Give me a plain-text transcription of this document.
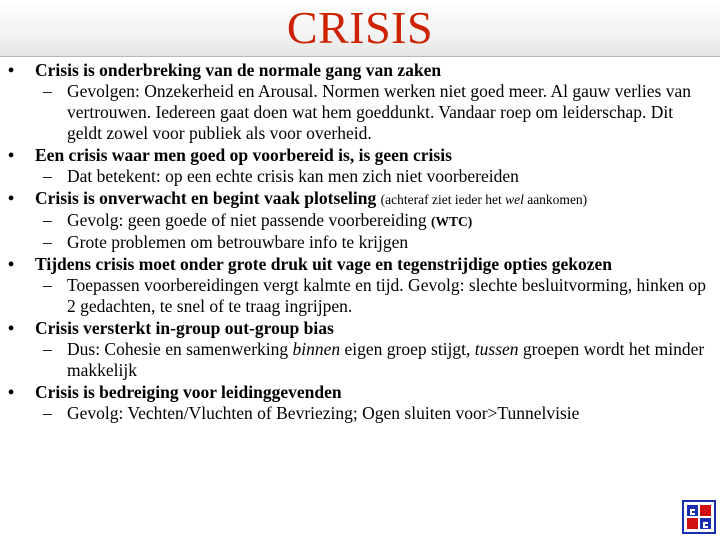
CRISIS
• Crisis is onderbreking van de normale gang van zaken
– Gevolgen: Onzekerheid en Arousal. Normen werken niet goed meer. Al gauw verlies van vertrouwen. Iedereen gaat doen wat hem goeddunkt. Vandaar roep om leiderschap. Dit geldt zowel voor publiek als voor overheid.
• Een crisis waar men goed op voorbereid is, is geen crisis
– Dat betekent: op een echte crisis kan men zich niet voorbereiden
• Crisis is onverwacht en begint vaak plotseling (achteraf ziet ieder het wel aankomen)
– Gevolg: geen goede of niet passende voorbereiding (WTC)
– Grote problemen om betrouwbare info te krijgen
• Tijdens crisis moet onder grote druk uit vage en tegenstrijdige opties gekozen
– Toepassen voorbereidingen vergt kalmte en tijd. Gevolg: slechte besluitvorming, hinken op 2 gedachten, te snel of te traag ingrijpen.
• Crisis versterkt in-group out-group bias
– Dus: Cohesie en samenwerking binnen eigen groep stijgt, tussen groepen wordt het minder makkelijk
• Crisis is bedreiging voor leidinggevenden
– Gevolg: Vechten/Vluchten of Bevriezing; Ogen sluiten voor>Tunnelvisie
